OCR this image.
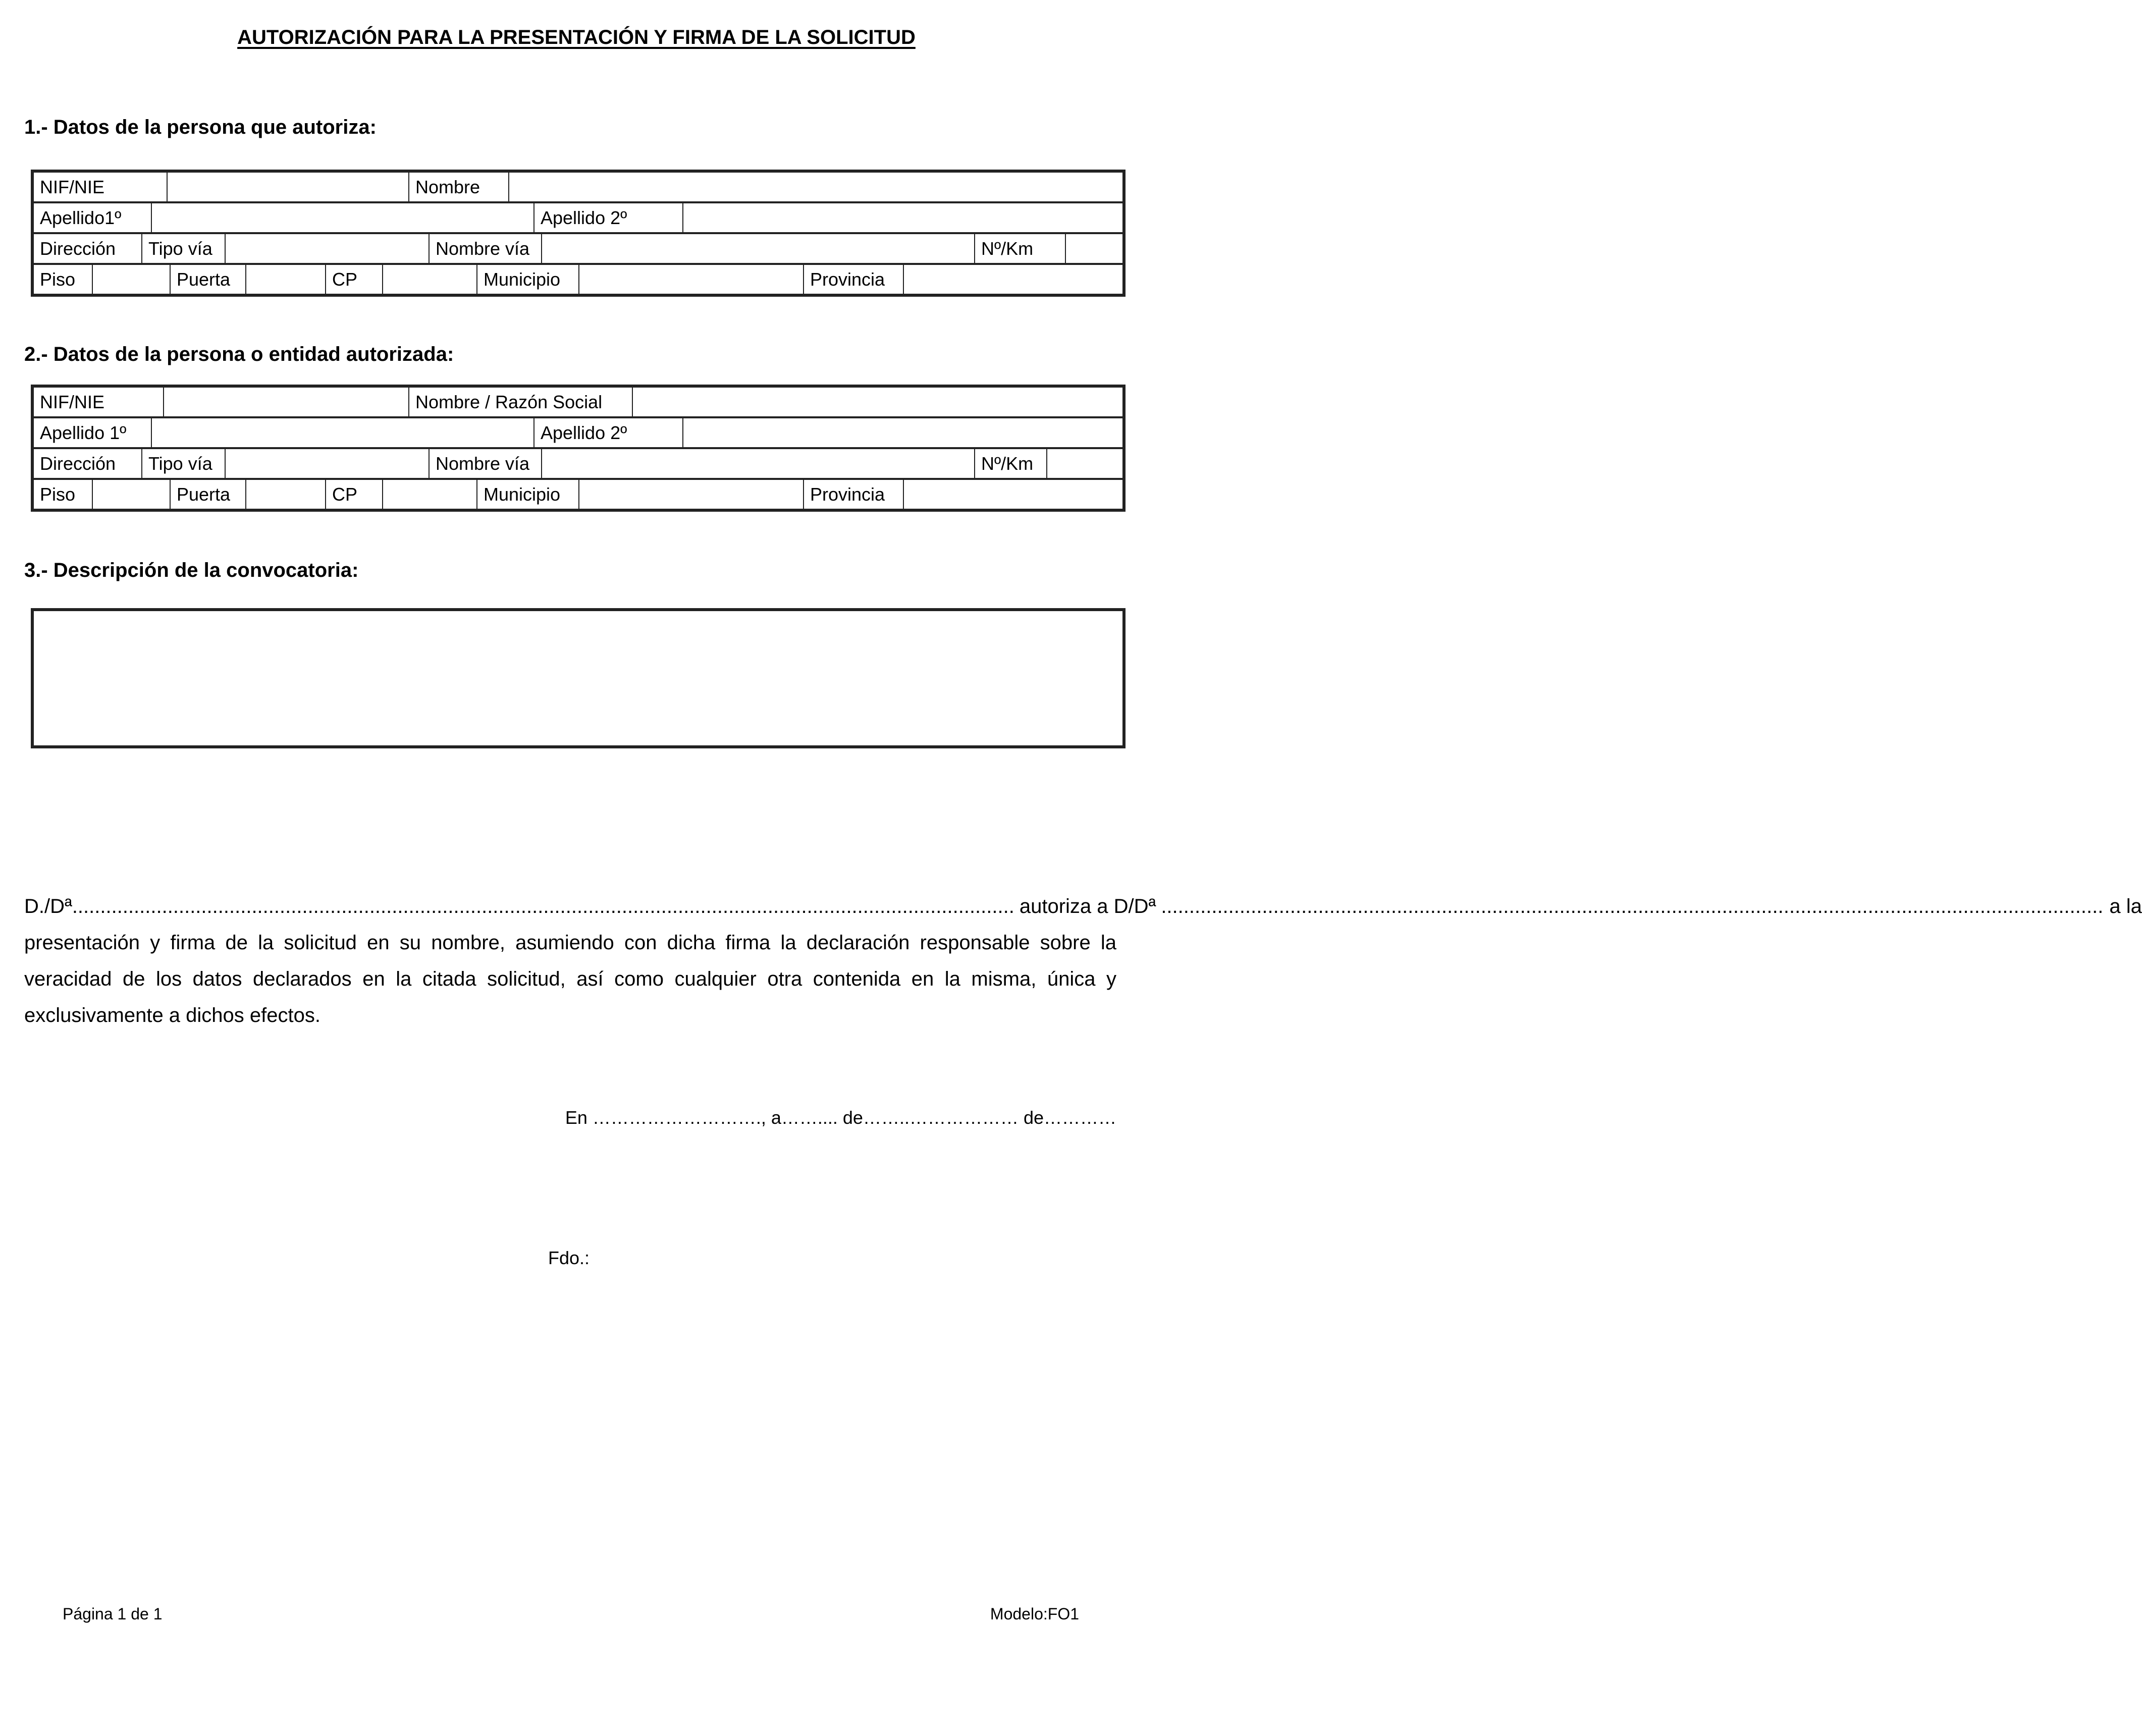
AUTORIZACIÓN PARA LA PRESENTACIÓN Y FIRMA DE LA SOLICITUD
1.- Datos de la persona que autoriza:
NIF/NIE	Nombre
Apellido1º	Apellido 2º
Dirección	Tipo vía	Nombre vía	Nº/Km
Piso	Puerta	CP	Municipio	Provincia
2.- Datos de la persona o entidad autorizada:
NIF/NIE	Nombre / Razón Social
Apellido 1º	Apellido 2º
Dirección	Tipo vía	Nombre vía	Nº/Km
Piso	Puerta	CP	Municipio	Provincia
3.- Descripción de la convocatoria:
D./Dª ........................................................................................................................................................................ autoriza a D/Dª ........................................................................................................................................................................ a la
presentación y firma de la solicitud en su nombre, asumiendo con dicha firma la declaración responsable sobre la veracidad de los datos declarados en la citada solicitud, así como cualquier otra contenida en la misma, única y exclusivamente a dichos efectos.
En ………………………., a…….... de……..……………… de…………
Fdo.:
Página 1 de 1	Modelo:FO1
